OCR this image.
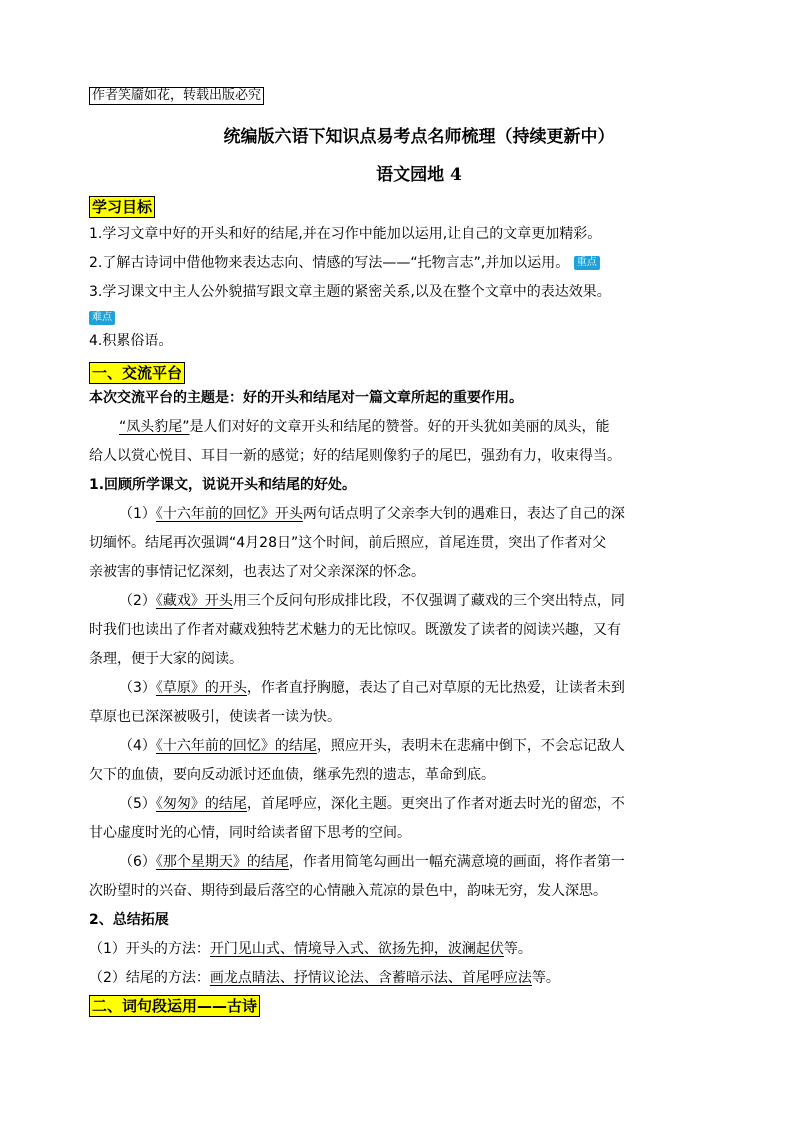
作者笑靥如花，转载出版必究
统编版六语下知识点易考点名师梳理（持续更新中）
语文园地 4
学习目标
1.学习文章中好的开头和好的结尾,并在习作中能加以运用,让自己的文章更加精彩。
2.了解古诗词中借他物来表达志向、情感的写法——“托物言志”,并加以运用。 重点
3.学习课文中主人公外貌描写跟文章主题的紧密关系,以及在整个文章中的表达效果。
难点
4.积累俗语。
一、交流平台
本次交流平台的主题是：好的开头和结尾对一篇文章所起的重要作用。
“凤头豹尾”是人们对好的文章开头和结尾的赞誉。好的开头犹如美丽的凤头，能
给人以赏心悦目、耳目一新的感觉；好的结尾则像豹子的尾巴，强劲有力，收束得当。
1.回顾所学课文，说说开头和结尾的好处。
（1）《十六年前的回忆》开头两句话点明了父亲李大钊的遇难日，表达了自己的深
切缅怀。结尾再次强调“4月28日”这个时间，前后照应，首尾连贯，突出了作者对父
亲被害的事情记忆深刻，也表达了对父亲深深的怀念。
（2）《藏戏》开头用三个反问句形成排比段，不仅强调了藏戏的三个突出特点，同
时我们也读出了作者对藏戏独特艺术魅力的无比惊叹。既激发了读者的阅读兴趣，又有
条理，便于大家的阅读。
（3）《草原》的开头，作者直抒胸臆，表达了自己对草原的无比热爱，让读者未到
草原也已深深被吸引，使读者一读为快。
（4）《十六年前的回忆》的结尾，照应开头，表明未在悲痛中倒下，不会忘记敌人
欠下的血债，要向反动派讨还血债，继承先烈的遗志，革命到底。
（5）《匆匆》的结尾，首尾呼应，深化主题。更突出了作者对逝去时光的留恋，不
甘心虚度时光的心情，同时给读者留下思考的空间。
（6）《那个星期天》的结尾，作者用简笔勾画出一幅充满意境的画面，将作者第一
次盼望时的兴奋、期待到最后落空的心情融入荒凉的景色中，韵味无穷，发人深思。
2、总结拓展
（1）开头的方法：开门见山式、情境导入式、欲扬先抑，波澜起伏等。
（2）结尾的方法：画龙点睛法、抒情议论法、含蓄暗示法、首尾呼应法等。
二、词句段运用——古诗
